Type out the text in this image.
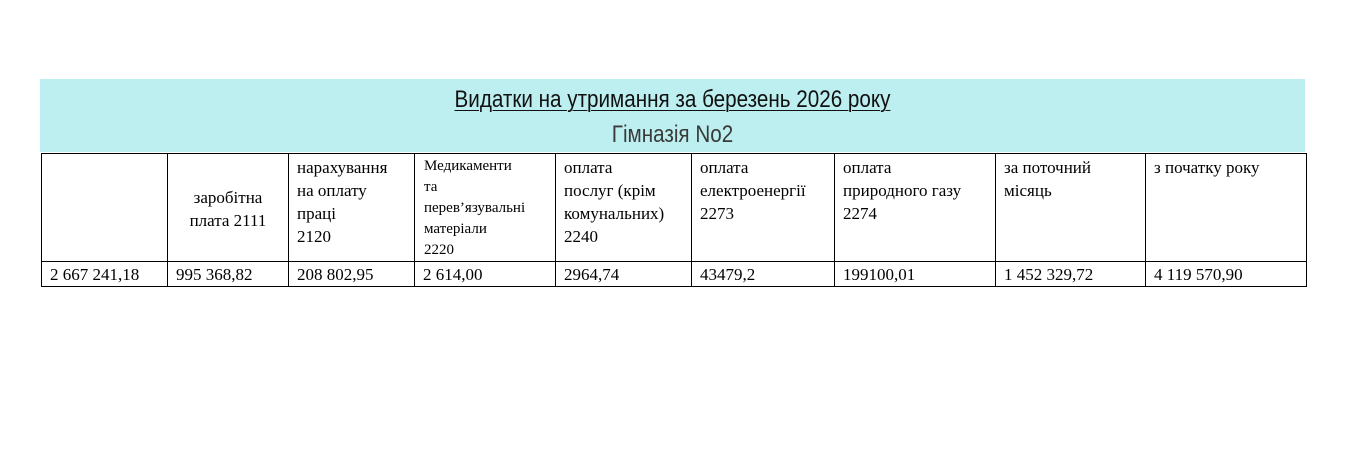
Видатки на утримання за березень 2026 року
Гімназія No2
	заробітна
плата 2111	нарахування
на оплату
праці
2120	Медикаменти
та
перев’язувальні
матеріали
2220	оплата
послуг (крім
комунальних)
2240	оплата
електроенергії
2273	оплата
природного газу
2274	за поточний
місяць	з початку року
2 667 241,18	995 368,82	208 802,95	2 614,00	2964,74	43479,2	199100,01	1 452 329,72	4 119 570,90
